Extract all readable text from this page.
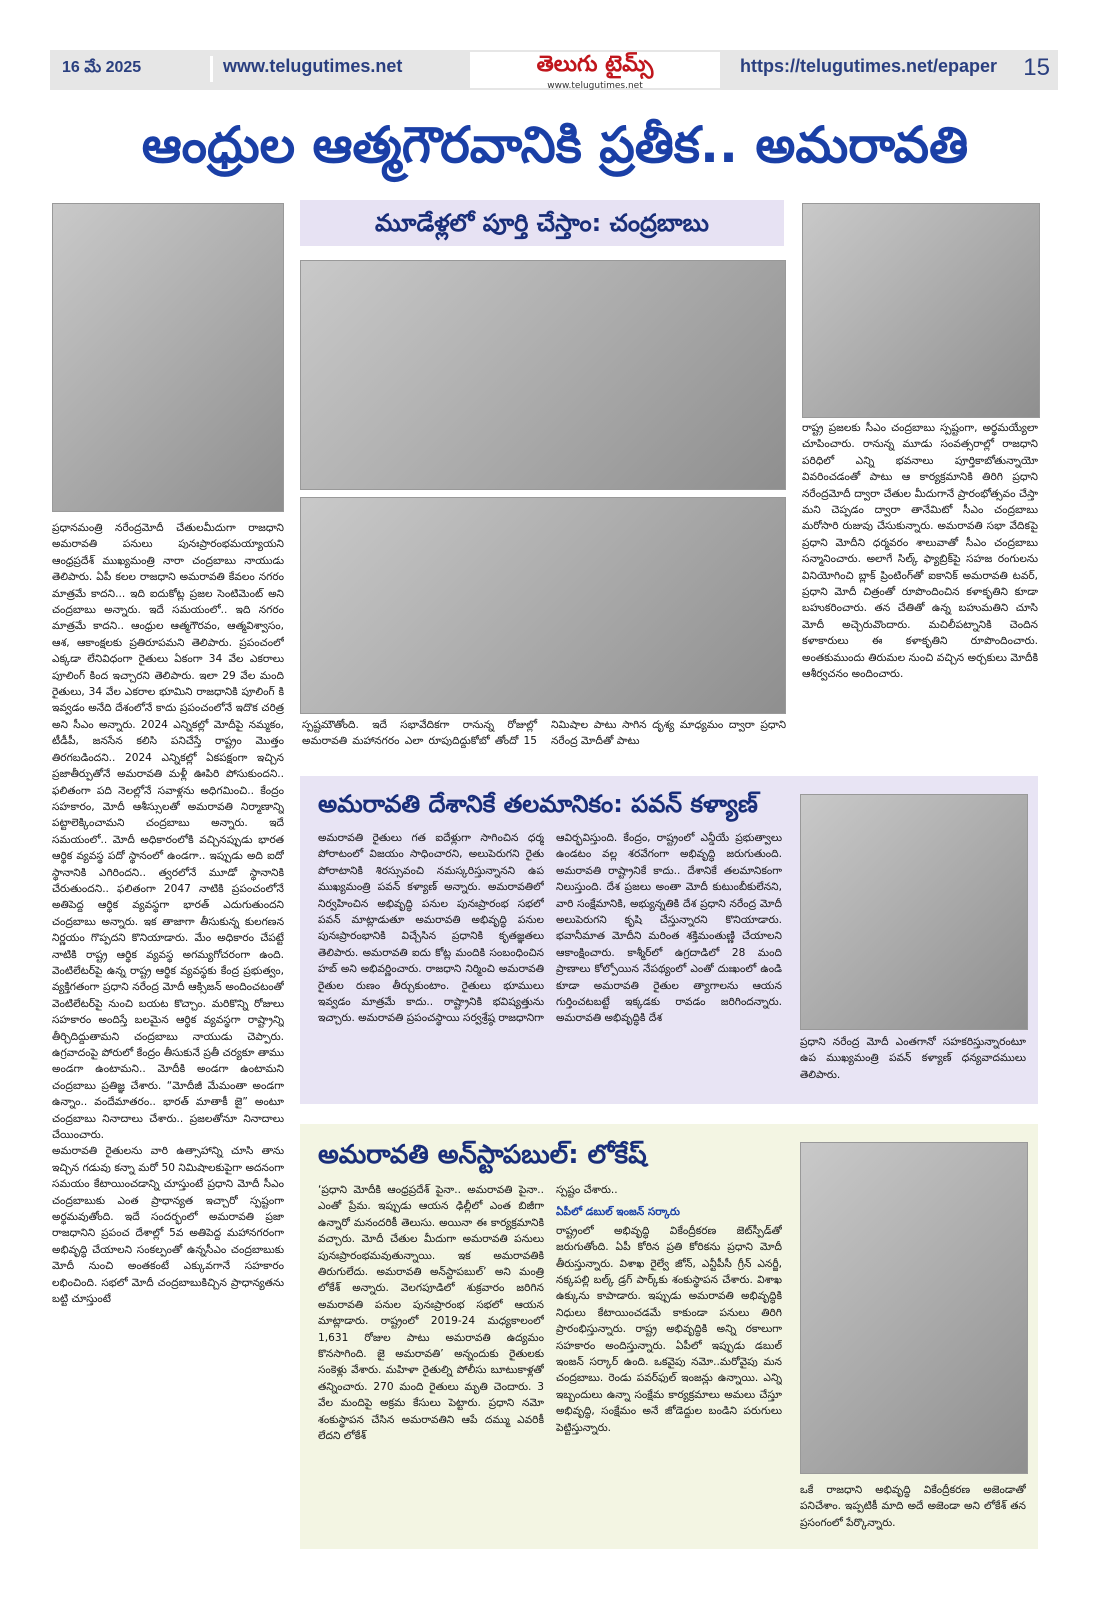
16 మే 2025	www.telugutimes.net	తెలుగు టైమ్స్
www.telugutimes.net
https://telugutimes.net/epaper 15
ఆంధ్రుల ఆత్మగౌరవానికి ప్రతీక.. అమరావతి
మూడేళ్లలో పూర్తి చేస్తాం: చంద్రబాబు
ప్రధానమంత్రి నరేంద్రమోదీ చేతులమీదుగా రాజధాని అమరావతి పనులు పునఃప్రారంభమయ్యాయని ఆంధ్రప్రదేశ్ ముఖ్యమంత్రి నారా చంద్రబాబు నాయుడు తెలిపారు. ఏపీ కలల రాజధాని అమరావతి కేవలం నగరం మాత్రమే కాదని... ఇది ఐదుకోట్ల ప్రజల సెంటిమెంట్ అని చంద్రబాబు అన్నారు. ఇదే సమయంలో.. ఇది నగరం మాత్రమే కాదని.. ఆంధ్రుల ఆత్మగౌరవం, ఆత్మవిశ్వాసం, ఆశ, ఆకాంక్షలకు ప్రతిరూపమని తెలిపారు. ప్రపంచంలో ఎక్కడా లేనివిధంగా రైతులు ఏకంగా 34 వేల ఎకరాలు పూలింగ్ కింద ఇచ్చారని తెలిపారు. ఇలా 29 వేల మంది రైతులు, 34 వేల ఎకరాల భూమిని రాజధానికి పూలింగ్ కి ఇవ్వడం అనేది దేశంలోనే కాదు ప్రపంచంలోనే ఇదొక చరిత్ర అని సీఎం అన్నారు. 2024 ఎన్నికల్లో మోదీపై నమ్మకం, టీడీపీ, జనసేన కలిసి పనిచేస్తే రాష్ట్రం మొత్తం తిరగబడిందని.. 2024 ఎన్నికల్లో ఏకపక్షంగా ఇచ్చిన ప్రజాతీర్పుతోనే అమరావతి మళ్లీ ఊపిరి పోసుకుందని.. ఫలితంగా పది నెలల్లోనే సవాళ్లను అధిగమించి.. కేంద్రం సహకారం, మోదీ ఆశీస్సులతో అమరావతి నిర్మాణాన్ని పట్టాలెక్కించామని చంద్రబాబు అన్నారు. ఇదే సమయంలో.. మోదీ అధికారంలోకి వచ్చినప్పుడు భారత ఆర్థిక వ్యవస్థ పదో స్థానంలో ఉండగా.. ఇప్పుడు అది ఐదో స్థానానికి ఎగిరిందని.. త్వరలోనే మూడో స్థానానికి చేరుతుందని.. ఫలితంగా 2047 నాటికి ప్రపంచంలోనే అతిపెద్ద ఆర్థిక వ్యవస్థగా భారత్ ఎదుగుతుందని చంద్రబాబు అన్నారు. ఇక తాజాగా తీసుకున్న కులగణన నిర్ణయం గొప్పదని కొనియాడారు. మేం అధికారం చేపట్టే నాటికి రాష్ట్ర ఆర్థిక వ్యవస్థ అగమ్యగోచరంగా ఉంది. వెంటిలేటర్‌పై ఉన్న రాష్ట్ర ఆర్థిక వ్యవస్థకు కేంద్ర ప్రభుత్వం, వ్యక్తిగతంగా ప్రధాని నరేంద్ర మోదీ ఆక్సిజన్ అందించటంతో వెంటిలేటర్‌పై నుంచి బయట కొచ్చాం. మరికొన్ని రోజులు సహకారం అందిస్తే బలమైన ఆర్థిక వ్యవస్థగా రాష్ట్రాన్ని తీర్చిదిద్దుతామని చంద్రబాబు నాయుడు చెప్పారు. ఉగ్రవాదంపై పోరులో కేంద్రం తీసుకునే ప్రతీ చర్యకూ తాము అండగా ఉంటామని.. మోదీకి అండగా ఉంటామని చంద్రబాబు ప్రతిజ్ఞ చేశారు. “మోదీజీ మేమంతా అండగా ఉన్నాం.. వందేమాతరం.. భారత్ మాతాకీ జై” అంటూ చంద్రబాబు నినాదాలు చేశారు.. ప్రజలతోనూ నినాదాలు చేయించారు.
అమరావతి రైతులను వారి ఉత్సాహాన్ని చూసి తాను ఇచ్చిన గడువు కన్నా మరో 50 నిమిషాలకుపైగా అదనంగా సమయం కేటాయించడాన్ని చూస్తుంటే ప్రధాని మోదీ సీఎం చంద్రబాబుకు ఎంత ప్రాధాన్యత ఇచ్చారో స్పష్టంగా అర్థమవుతోంది. ఇదే సందర్భంలో అమరావతి ప్రజా రాజధానిని ప్రపంచ దేశాల్లో 5వ అతిపెద్ద మహానగరంగా అభివృద్ధి చేయాలని సంకల్పంతో ఉన్నసీఎం చంద్రబాబుకు మోదీ నుంచి అంతకంటే ఎక్కువగానే సహకారం లభించింది. సభలో మోదీ చంద్రబాబుకిచ్చిన ప్రాధాన్యతను బట్టి చూస్తుంటే
స్పష్టమౌతోంది. ఇదే సభావేదికగా రానున్న రోజుల్లో అమరావతి మహానగరం ఎలా రూపుదిద్దుకోబో తోందో 15 నిమిషాల పాటు సాగిన దృశ్య మాధ్యమం ద్వారా ప్రధాని నరేంద్ర మోదీతో పాటు
రాష్ట్ర ప్రజలకు సీఎం చంద్రబాబు స్పష్టంగా, అర్థమయ్యేలా చూపించారు. రానున్న మూడు సంవత్సరాల్లో రాజధాని పరిధిలో ఎన్ని భవనాలు పూర్తికాబోతున్నాయో వివరించడంతో పాటు ఆ కార్యక్రమానికి తిరిగి ప్రధాని నరేంద్రమోదీ ద్వారా చేతుల మీదుగానే ప్రారంభోత్సవం చేస్తా మని చెప్పడం ద్వారా తానేమిటో సీఎం చంద్రబాబు మరోసారి రుజువు చేసుకున్నారు. అమరావతి సభా వేదికపై ప్రధాని మోదీని ధర్మవరం శాలువాతో సీఎం చంద్రబాబు సన్మానించారు. అలాగే సిల్క్ ఫ్యాబ్రిక్‌పై సహజ రంగులను వినియోగించి బ్లాక్ ప్రింటింగ్‌తో ఐకానిక్ అమరావతి టవర్, ప్రధాని మోదీ చిత్రంతో రూపొందించిన కళాకృతిని కూడా బహుకరించారు. తన చేతితో ఉన్న బహుమతిని చూసి మోదీ అచ్చెరువొందారు. మచిలీపట్నానికి చెందిన కళాకారులు ఈ కళాకృతిని రూపొందించారు. అంతకుముందు తిరుమల నుంచి వచ్చిన అర్చకులు మోదీకి ఆశీర్వచనం అందించారు.
అమరావతి దేశానికే తలమానికం: పవన్ కళ్యాణ్
అమరావతి రైతులు గత ఐదేళ్లుగా సాగించిన ధర్మ పోరాటంలో విజయం సాధించారని, అలుపెరుగని రైతు పోరాటానికి శిరస్సువంచి నమస్కరిస్తున్నానని ఉప ముఖ్యమంత్రి పవన్ కళ్యాణ్ అన్నారు. అమరావతిలో నిర్వహించిన అభివృద్ధి పనుల పునఃప్రారంభ సభలో పవన్ మాట్లాడుతూ అమరావతి అభివృద్ధి పనుల పునఃప్రారంభానికి విచ్చేసిన ప్రధానికి కృతజ్ఞతలు తెలిపారు. అమరావతి ఐదు కోట్ల మందికి సంబంధించిన హబ్ అని అభివర్ణించారు. రాజధాని నిర్మించి అమరావతి రైతుల రుణం తీర్చుకుంటాం. రైతులు భూములు ఇవ్వడం మాత్రమే కాదు.. రాష్ట్రానికి భవిష్యత్తును ఇచ్చారు. అమరావతి ప్రపంచస్థాయి సర్వశ్రేష్ఠ రాజధానిగా
ఆవిర్భవిస్తుంది. కేంద్రం, రాష్ట్రంలో ఎన్డీయే ప్రభుత్వాలు ఉండటం వల్ల శరవేగంగా అభివృద్ధి జరుగుతుంది. అమరావతి రాష్ట్రానికే కాదు.. దేశానికే తలమానికంగా నిలుస్తుంది. దేశ ప్రజలు అంతా మోదీ కుటుంబీకులేనని, వారి సంక్షేమానికి, అభ్యున్నతికి దేశ ప్రధాని నరేంద్ర మోదీ అలుపెరుగని కృషి చేస్తున్నారని కొనియాడారు. భవానీమాత మోదీని మరింత శక్తిమంతుణ్ణి చేయాలని ఆకాంక్షించారు. కాశ్మీర్‌లో ఉగ్రదాడిలో 28 మంది ప్రాణాలు కోల్పోయిన నేపథ్యంలో ఎంతో దుఃఖంలో ఉండి కూడా అమరావతి రైతుల త్యాగాలను ఆయన గుర్తించటబట్టే ఇక్కడకు రావడం జరిగిందన్నారు. అమరావతి అభివృద్ధికి దేశ
ప్రధాని నరేంద్ర మోదీ ఎంతగానో సహకరిస్తున్నారంటూ ఉప ముఖ్యమంత్రి పవన్ కళ్యాణ్ ధన్యవాదములు తెలిపారు.
అమరావతి అన్‌స్టాపబుల్: లోకేష్
‘ప్రధాని మోదీకి ఆంధ్రప్రదేశ్ పైనా.. అమరావతి పైనా.. ఎంతో ప్రేమ. ఇప్పుడు ఆయన ఢిల్లీలో ఎంత బిజీగా ఉన్నారో మనందరికీ తెలుసు. అయినా ఈ కార్యక్రమానికి వచ్చారు. మోదీ చేతుల మీదుగా అమరావతి పనులు పునఃప్రారంభమవుతున్నాయి. ఇక అమరావతికి తిరుగులేదు. అమరావతి అన్‌స్టాపబుల్’ అని మంత్రి లోకేశ్ అన్నారు. వెలగపూడిలో శుక్రవారం జరిగిన అమరావతి పనుల పునఃప్రారంభ సభలో ఆయన మాట్లాడారు. రాష్ట్రంలో 2019-24 మధ్యకాలంలో 1,631 రోజుల పాటు అమరావతి ఉద్యమం కొనసాగింది. జై అమరావతి’ అన్నందుకు రైతులకు సంకెళ్లు వేశారు. మహిళా రైతుల్ని పోలీసు బూటుకాళ్లతో తన్నించారు. 270 మంది రైతులు మృతి చెందారు. 3 వేల మందిపై అక్రమ కేసులు పెట్టారు. ప్రధాని నమో శంకుస్థాపన చేసిన అమరావతిని ఆపే దమ్ము ఎవరికీ లేదని లోకేశ్
స్పష్టం చేశారు..
ఏపీలో డబుల్ ఇంజన్ సర్కారు
రాష్ట్రంలో అభివృద్ధి వికేంద్రీకరణ జెట్‌స్పీడ్‌తో జరుగుతోంది. ఏపీ కోరిన ప్రతి కోరికను ప్రధాని మోదీ తీరుస్తున్నారు. విశాఖ రైల్వే జోన్, ఎన్టీపీసీ గ్రీన్ ఎనర్జీ, నక్కపల్లి బల్క్ డ్రగ్ పార్క్‌కు శంకుస్థాపన చేశారు. విశాఖ ఉక్కును కాపాడారు. ఇప్పుడు అమరావతి అభివృద్ధికి నిధులు కేటాయించడమే కాకుండా పనులు తిరిగి ప్రారంభిస్తున్నారు. రాష్ట్ర అభివృద్ధికి అన్ని రకాలుగా సహకారం అందిస్తున్నారు. ఏపీలో ఇప్పుడు డబుల్ ఇంజన్ సర్కార్ ఉంది. ఒకవైపు నమో..మరోవైపు మన చంద్రబాబు. రెండు పవర్‌ఫుల్ ఇంజన్లు ఉన్నాయి. ఎన్ని ఇబ్బందులు ఉన్నా సంక్షేమ కార్యక్రమాలు అమలు చేస్తూ అభివృద్ధి, సంక్షేమం అనే జోడెద్దుల బండిని పరుగులు పెట్టిస్తున్నారు.
ఒకే రాజధాని అభివృద్ధి వికేంద్రీకరణ అజెండాతో పనిచేశాం. ఇప్పటికీ మాది అదే అజెండా అని లోకేశ్ తన ప్రసంగంలో పేర్కొన్నారు.
